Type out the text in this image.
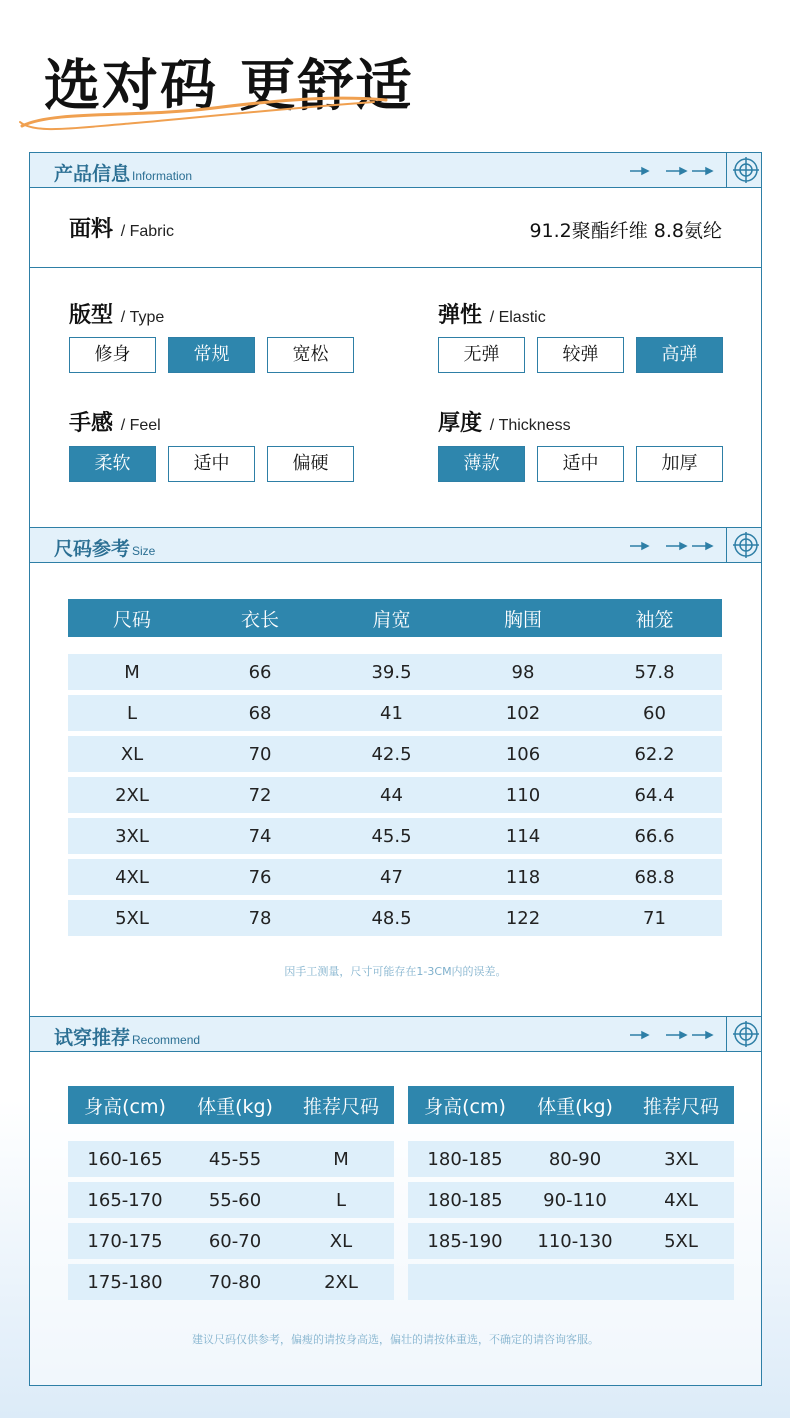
选对码 更舒适
产品信息 Information
面料 / Fabric	91.2聚酯纤维 8.8氨纶
版型 / Type	弹性 / Elastic
手感 / Feel	厚度 / Thickness
修身	常规	宽松	无弹	较弹	高弹
柔软	适中	偏硬	薄款	适中	加厚
尺码参考 Size
尺码	衣长	肩宽	胸围	袖笼

M	66	39.5	98	57.8
L	68	41	102	60
XL	70	42.5	106	62.2
2XL	72	44	110	64.4
3XL	74	45.5	114	66.6
4XL	76	47	118	68.8
5XL	78	48.5	122	71
因手工测量，尺寸可能存在1-3CM内的误差。
试穿推荐 Recommend
身高(cm)	体重(kg)	推荐尺码

160-165	45-55	M
165-170	55-60	L
170-175	60-70	XL
175-180	70-80	2XL
身高(cm)	体重(kg)	推荐尺码

180-185	80-90	3XL
180-185	90-110	4XL
185-190	110-130	5XL

建议尺码仅供参考，偏瘦的请按身高选，偏壮的请按体重选，不确定的请咨询客服。
